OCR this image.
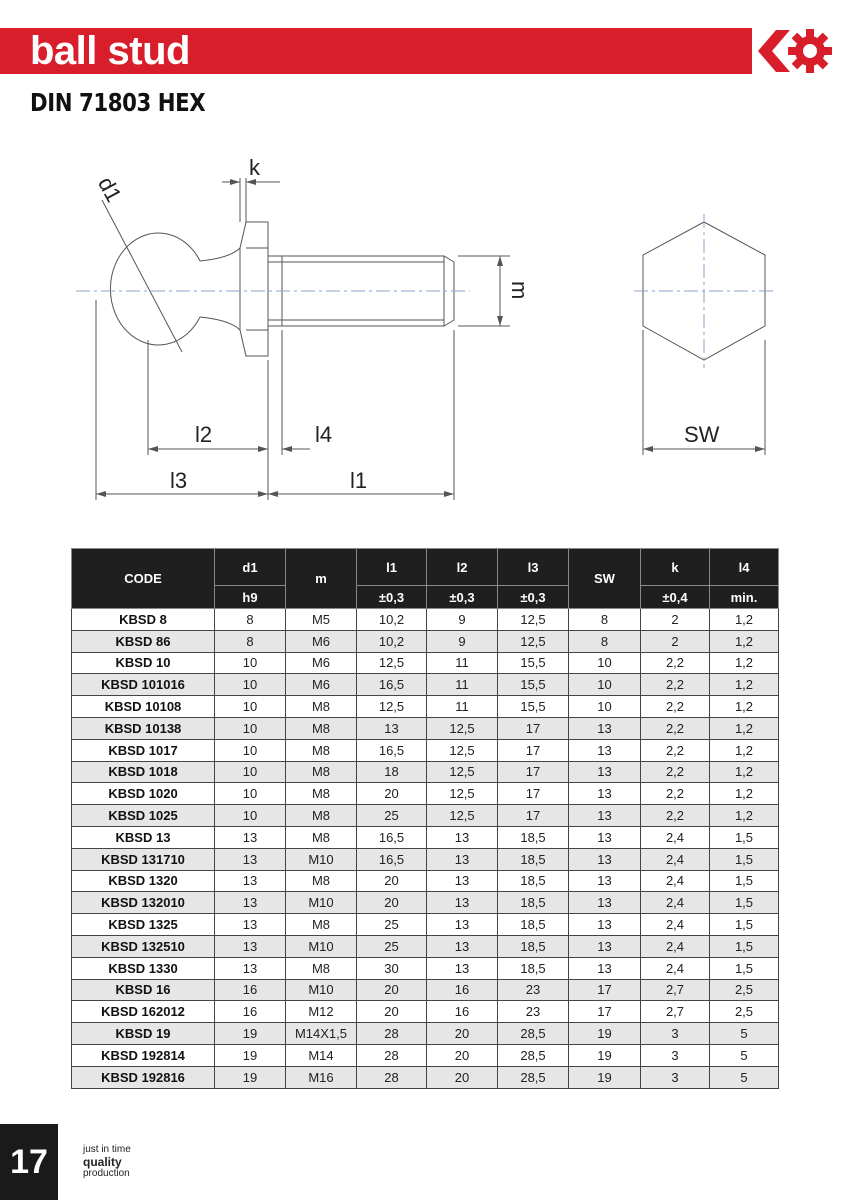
ball stud
DIN 71803 HEX
d1
k
m
l2	l4
l3	l1
SW
CODE	d1	m	l1	l2	l3	SW	k	l4
	h9		±0,3	±0,3	±0,3		±0,4	min.
KBSD 8	8	M5	10,2	9	12,5	8	2	1,2
KBSD 86	8	M6	10,2	9	12,5	8	2	1,2
KBSD 10	10	M6	12,5	11	15,5	10	2,2	1,2
KBSD 101016	10	M6	16,5	11	15,5	10	2,2	1,2
KBSD 10108	10	M8	12,5	11	15,5	10	2,2	1,2
KBSD 10138	10	M8	13	12,5	17	13	2,2	1,2
KBSD 1017	10	M8	16,5	12,5	17	13	2,2	1,2
KBSD 1018	10	M8	18	12,5	17	13	2,2	1,2
KBSD 1020	10	M8	20	12,5	17	13	2,2	1,2
KBSD 1025	10	M8	25	12,5	17	13	2,2	1,2
KBSD 13	13	M8	16,5	13	18,5	13	2,4	1,5
KBSD 131710	13	M10	16,5	13	18,5	13	2,4	1,5
KBSD 1320	13	M8	20	13	18,5	13	2,4	1,5
KBSD 132010	13	M10	20	13	18,5	13	2,4	1,5
KBSD 1325	13	M8	25	13	18,5	13	2,4	1,5
KBSD 132510	13	M10	25	13	18,5	13	2,4	1,5
KBSD 1330	13	M8	30	13	18,5	13	2,4	1,5
KBSD 16	16	M10	20	16	23	17	2,7	2,5
KBSD 162012	16	M12	20	16	23	17	2,7	2,5
KBSD 19	19	M14X1,5	28	20	28,5	19	3	5
KBSD 192814	19	M14	28	20	28,5	19	3	5
KBSD 192816	19	M16	28	20	28,5	19	3	5
17	just in time
quality
production
